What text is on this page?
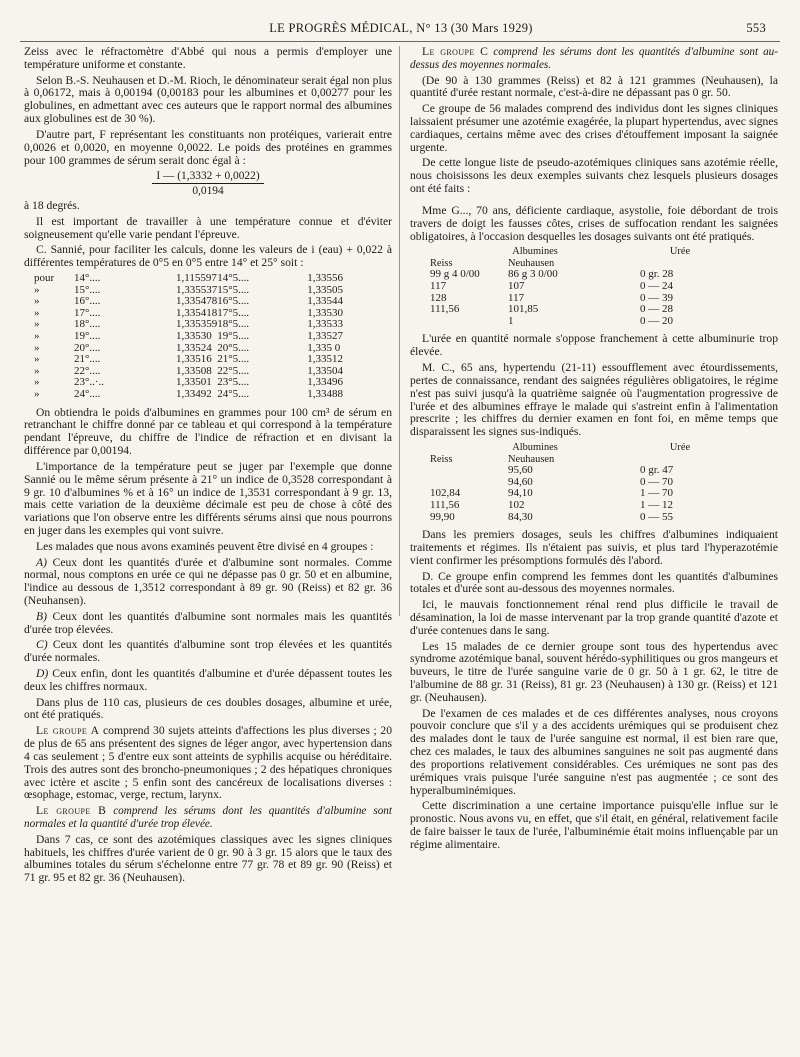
LE PROGRÈS MÉDICAL, N° 13 (30 Mars 1929)	553

Zeiss avec le réfractomètre d'Abbé qui nous a permis d'employer une température uniforme et constante.

Selon B.-S. Neuhausen et D.-M. Rioch, le dénominateur serait égal non plus à 0,06172, mais à 0,00194 (0,00183 pour les albumines et 0,00277 pour les globulines, en admettant avec ces auteurs que le rapport normal des albumines aux globulines est de 30 %).

D'autre part, F représentant les constituants non protéiques, varierait entre 0,0026 et 0,0020, en moyenne 0,0022. Le poids des protéines en grammes pour 100 grammes de sérum serait donc égal à :

$\frac{I — (1,3332 + 0,0022)}{0,0194}$

à 18 degrés.

Il est important de travailler à une température connue et d'éviter soigneusement qu'elle varie pendant l'épreuve.

C. Sannié, pour faciliter les calculs, donne les valeurs de i (eau) + 0,022 à différentes températures de 0°5 en 0°5 entre 14° et 25° soit :

pour	14°....	1,115597	14°5....	1,33556
»	15°....	1,335537	15°5....	1,33505
»	16°....	1,335478	16°5....	1,33544
»	17°....	1,335418	17°5....	1,33530
»	18°....	1,335359	18°5....	1,33533
»	19°....	1,33530	19°5....	1,33527
»	20°....	1,33524	20°5....	1,335 0
»	21°....	1,33516	21°5....	1,33512
»	22°....	1,33508	22°5....	1,33504
»	23°..·..	1,33501	23°5....	1,33496
»	24°....	1,33492	24°5....	1,33488

On obtiendra le poids d'albumines en grammes pour 100 cm³ de sérum en retranchant le chiffre donné par ce tableau et qui correspond à la température pendant l'épreuve, du chiffre de l'indice de réfraction et en divisant la différence par 0,00194.

L'importance de la température peut se juger par l'exemple que donne Sannié ou le même sérum présente à 21° un indice de 0,3528 correspondant à 9 gr. 10 d'albumines % et à 16° un indice de 1,3531 correspondant à 9 gr. 13, mais cette variation de la deuxième décimale est peu de chose à côté des variations que l'on observe entre les différents sérums ainsi que nous pourrons en juger dans les exemples qui vont suivre.

Les malades que nous avons examinés peuvent être divisé en 4 groupes :

A) Ceux dont les quantités d'urée et d'albumine sont normales. Comme normal, nous comptons en urée ce qui ne dépasse pas 0 gr. 50 et en albumine, l'indice au dessous de 1,3512 correspondant à 89 gr. 90 (Reiss) et 82 gr. 36 (Neuhansen).

B) Ceux dont les quantités d'albumine sont normales mais les quantités d'urée trop élevées.

C) Ceux dont les quantités d'albumine sont trop élevées et les quantités d'urée normales.

D) Ceux enfin, dont les quantités d'albumine et d'urée dépassent toutes les deux les chiffres normaux.

Dans plus de 110 cas, plusieurs de ces doubles dosages, albumine et urée, ont été pratiqués.

Le groupe A comprend 30 sujets atteints d'affections les plus diverses ; 20 de plus de 65 ans présentent des signes de léger angor, avec hypertension dans 4 cas seulement ; 5 d'entre eux sont atteints de syphilis acquise ou héréditaire. Trois des autres sont des broncho-pneumoniques ; 2 des hépatiques chroniques avec ictère et ascite ; 5 enfin sont des cancéreux de localisations diverses : œsophage, estomac, verge, rectum, larynx.

Le groupe B comprend les sérums dont les quantités d'albumine sont normales et la quantité d'urée trop élevée.

Dans 7 cas, ce sont des azotémiques classiques avec les signes cliniques habituels, les chiffres d'urée varient de 0 gr. 90 à 3 gr. 15 alors que le taux des albumines totales du sérum s'échelonne entre 77 gr. 78 et 89 gr. 90 (Reiss) et 71 gr. 95 et 82 gr. 36 (Neuhausen).

Le groupe C comprend les sérums dont les quantités d'albumine sont au-dessus des moyennes normales.

(De 90 à 130 grammes (Reiss) et 82 à 121 grammes (Neuhausen), la quantité d'urée restant normale, c'est-à-dire ne dépassant pas 0 gr. 50.

Ce groupe de 56 malades comprend des individus dont les signes cliniques laissaient présumer une azotémie exagérée, la plupart hypertendus, avec signes cardiaques, certains même avec des crises d'étouffement imposant la saignée urgente.

De cette longue liste de pseudo-azotémiques cliniques sans azotémie réelle, nous choisissons les deux exemples suivants chez lesquels plusieurs dosages ont été faits :

Mme G..., 70 ans, déficiente cardiaque, asystolie, foie débordant de trois travers de doigt les fausses côtes, crises de suffocation rendant les saignées obligatoires, à l'occasion desquelles les dosages suivants ont été pratiqués.

Albumines		Urée
Reiss	Neuhausen	
99 g 4 0/00	86 g 3 0/00	0 gr. 28
117	107	0 — 24
128	117	0 — 39
111,56	101,85	0 — 28
	1	0 — 20

L'urée en quantité normale s'oppose franchement à cette albuminurie trop élevée.

M. C., 65 ans, hypertendu (21-11) essoufflement avec étourdissements, pertes de connaissance, rendant des saignées régulières obligatoires, le régime n'est pas suivi jusqu'à la quatrième saignée où l'augmentation progressive de l'urée et des albumines effraye le malade qui s'astreint enfin à l'alimentation prescrite ; les chiffres du dernier examen en font foi, en même temps que disparaissent les signes sus-indiqués.

Albumines		Urée
Reiss	Neuhausen	
	95,60	0 gr. 47
	94,60	0 — 70
102,84	94,10	1 — 70
111,56	102	1 — 12
99,90	84,30	0 — 55

Dans les premiers dosages, seuls les chiffres d'albumines indiquaient traitements et régimes. Ils n'étaient pas suivis, et plus tard l'hyperazotémie vient confirmer les présomptions formulés dès l'abord.

D. Ce groupe enfin comprend les femmes dont les quantités d'albumines totales et d'urée sont au-dessous des moyennes normales.

Ici, le mauvais fonctionnement rénal rend plus difficile le travail de désamination, la loi de masse intervenant par la trop grande quantité d'azote et d'urée contenues dans le sang.

Les 15 malades de ce dernier groupe sont tous des hypertendus avec syndrome azotémique banal, souvent hérédo-syphilitiques ou gros mangeurs et buveurs, le titre de l'urée sanguine varie de 0 gr. 50 à 1 gr. 62, le titre de l'albumine de 88 gr. 31 (Reiss), 81 gr. 23 (Neuhausen) à 130 gr. (Reiss) et 121 gr. (Neuhausen).

De l'examen de ces malades et de ces différentes analyses, nous croyons pouvoir conclure que s'il y a des accidents urémiques qui se produisent chez des malades dont le taux de l'urée sanguine est normal, il est bien rare que, chez ces malades, le taux des albumines sanguines ne soit pas augmenté dans des proportions relativement considérables. Ces urémiques ne sont pas des urémiques vrais puisque l'urée sanguine n'est pas augmentée ; ce sont des hyperalbuminémiques.

Cette discrimination a une certaine importance puisqu'elle influe sur le pronostic. Nous avons vu, en effet, que s'il était, en général, relativement facile de faire baisser le taux de l'urée, l'albuminémie était moins influençable par un régime alimentaire.
